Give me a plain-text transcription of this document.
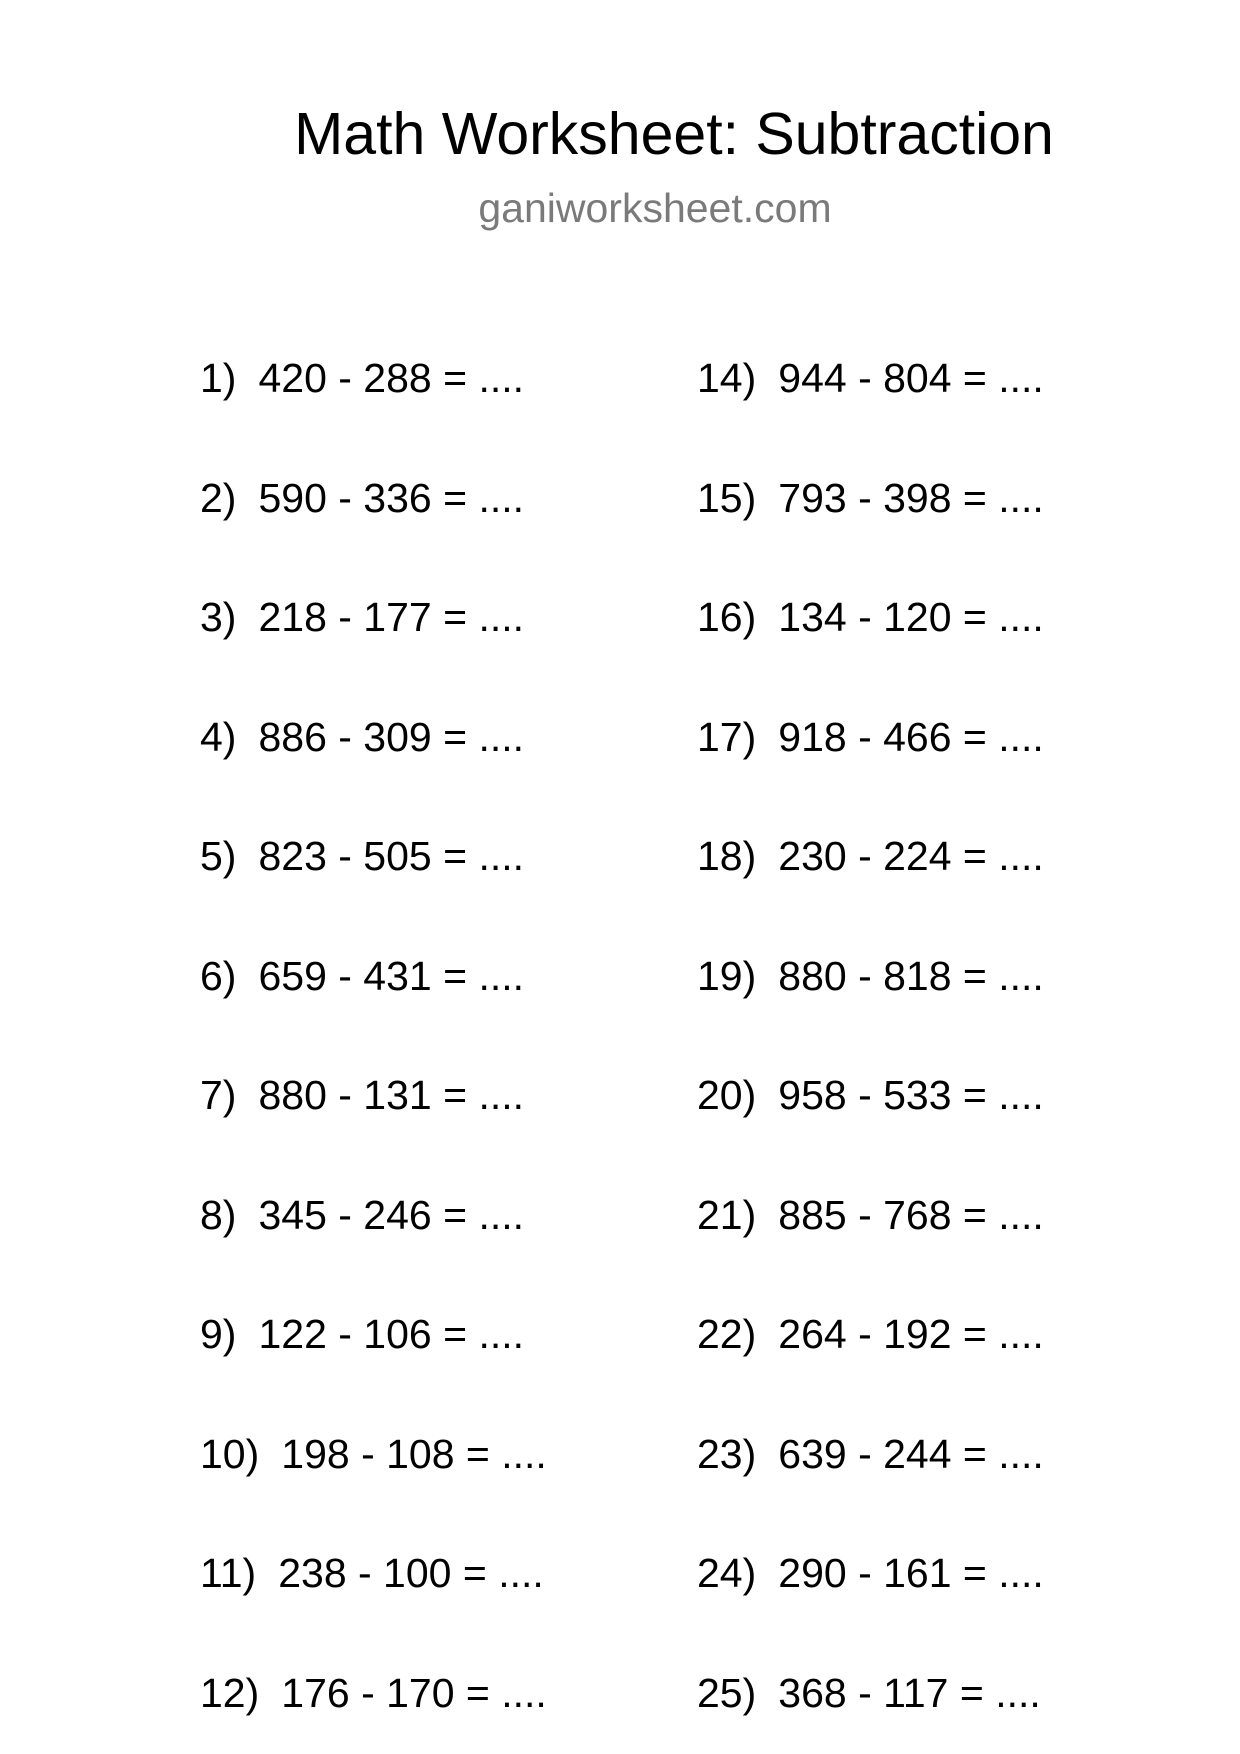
Math Worksheet: Subtraction
ganiworksheet.com
1) 420 - 288 = ....
2) 590 - 336 = ....
3) 218 - 177 = ....
4) 886 - 309 = ....
5) 823 - 505 = ....
6) 659 - 431 = ....
7) 880 - 131 = ....
8) 345 - 246 = ....
9) 122 - 106 = ....
10) 198 - 108 = ....
11) 238 - 100 = ....
12) 176 - 170 = ....
14) 944 - 804 = ....
15) 793 - 398 = ....
16) 134 - 120 = ....
17) 918 - 466 = ....
18) 230 - 224 = ....
19) 880 - 818 = ....
20) 958 - 533 = ....
21) 885 - 768 = ....
22) 264 - 192 = ....
23) 639 - 244 = ....
24) 290 - 161 = ....
25) 368 - 117 = ....
